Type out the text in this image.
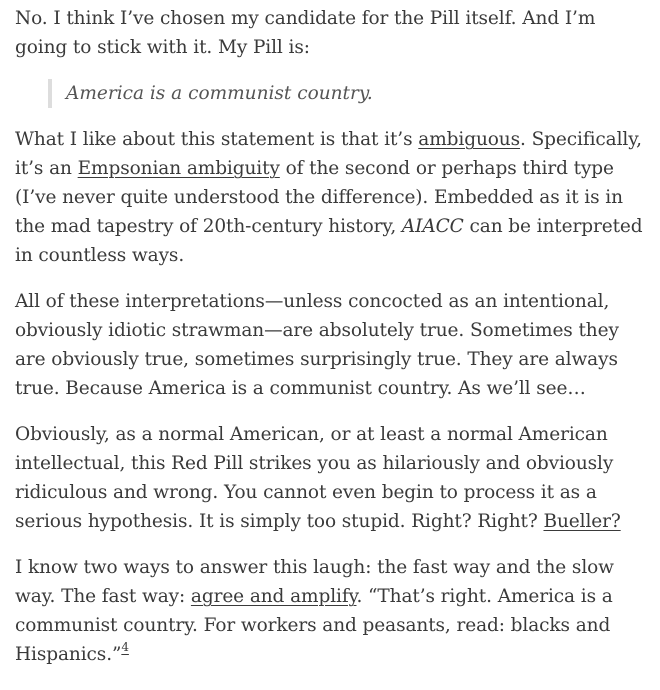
No. I think I’ve chosen my candidate for the Pill itself. And I’m going to stick with it. My Pill is:

America is a communist country.

What I like about this statement is that it’s ambiguous. Specifically, it’s an Empsonian ambiguity of the second or perhaps third type (I’ve never quite understood the difference). Embedded as it is in the mad tapestry of 20th-century history, AIACC can be interpreted in countless ways.

All of these interpretations—unless concocted as an intentional, obviously idiotic strawman—are absolutely true. Sometimes they are obviously true, sometimes surprisingly true. They are always true. Because America is a communist country. As we’ll see…

Obviously, as a normal American, or at least a normal American intellectual, this Red Pill strikes you as hilariously and obviously ridiculous and wrong. You cannot even begin to process it as a serious hypothesis. It is simply too stupid. Right? Right? Bueller?

I know two ways to answer this laugh: the fast way and the slow way. The fast way: agree and amplify. “That’s right. America is a communist country. For workers and peasants, read: blacks and Hispanics.”$^4$
